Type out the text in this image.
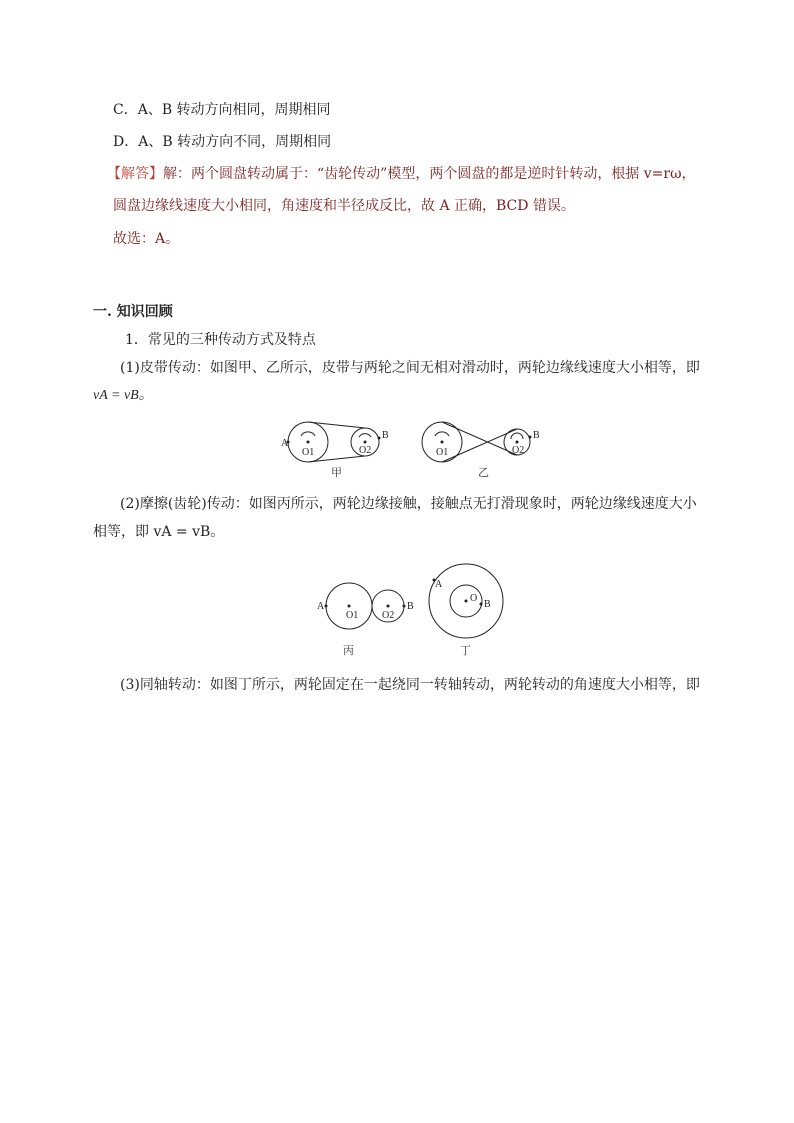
C．A、B 转动方向相同，周期相同
D．A、B 转动方向不同，周期相同
【解答】解：两个圆盘转动属于：“齿轮传动”模型，两个圆盘的都是逆时针转动，根据 v=rω，
圆盘边缘线速度大小相同，角速度和半径成反比，故 A 正确，BCD 错误。
故选：A。
一. 知识回顾
1．常见的三种传动方式及特点
(1)皮带传动：如图甲、乙所示，皮带与两轮之间无相对滑动时，两轮边缘线速度大小相等，即
vA = vB。
A
B
O1	O2
B
O1	O2
甲	乙
(2)摩擦(齿轮)传动：如图丙所示，两轮边缘接触，接触点无打滑现象时，两轮边缘线速度大小
相等，即 vA = vB。
A	B
O1 O2
A
B
O
丙	丁
(3)同轴转动：如图丁所示，两轮固定在一起绕同一转轴转动，两轮转动的角速度大小相等，即
